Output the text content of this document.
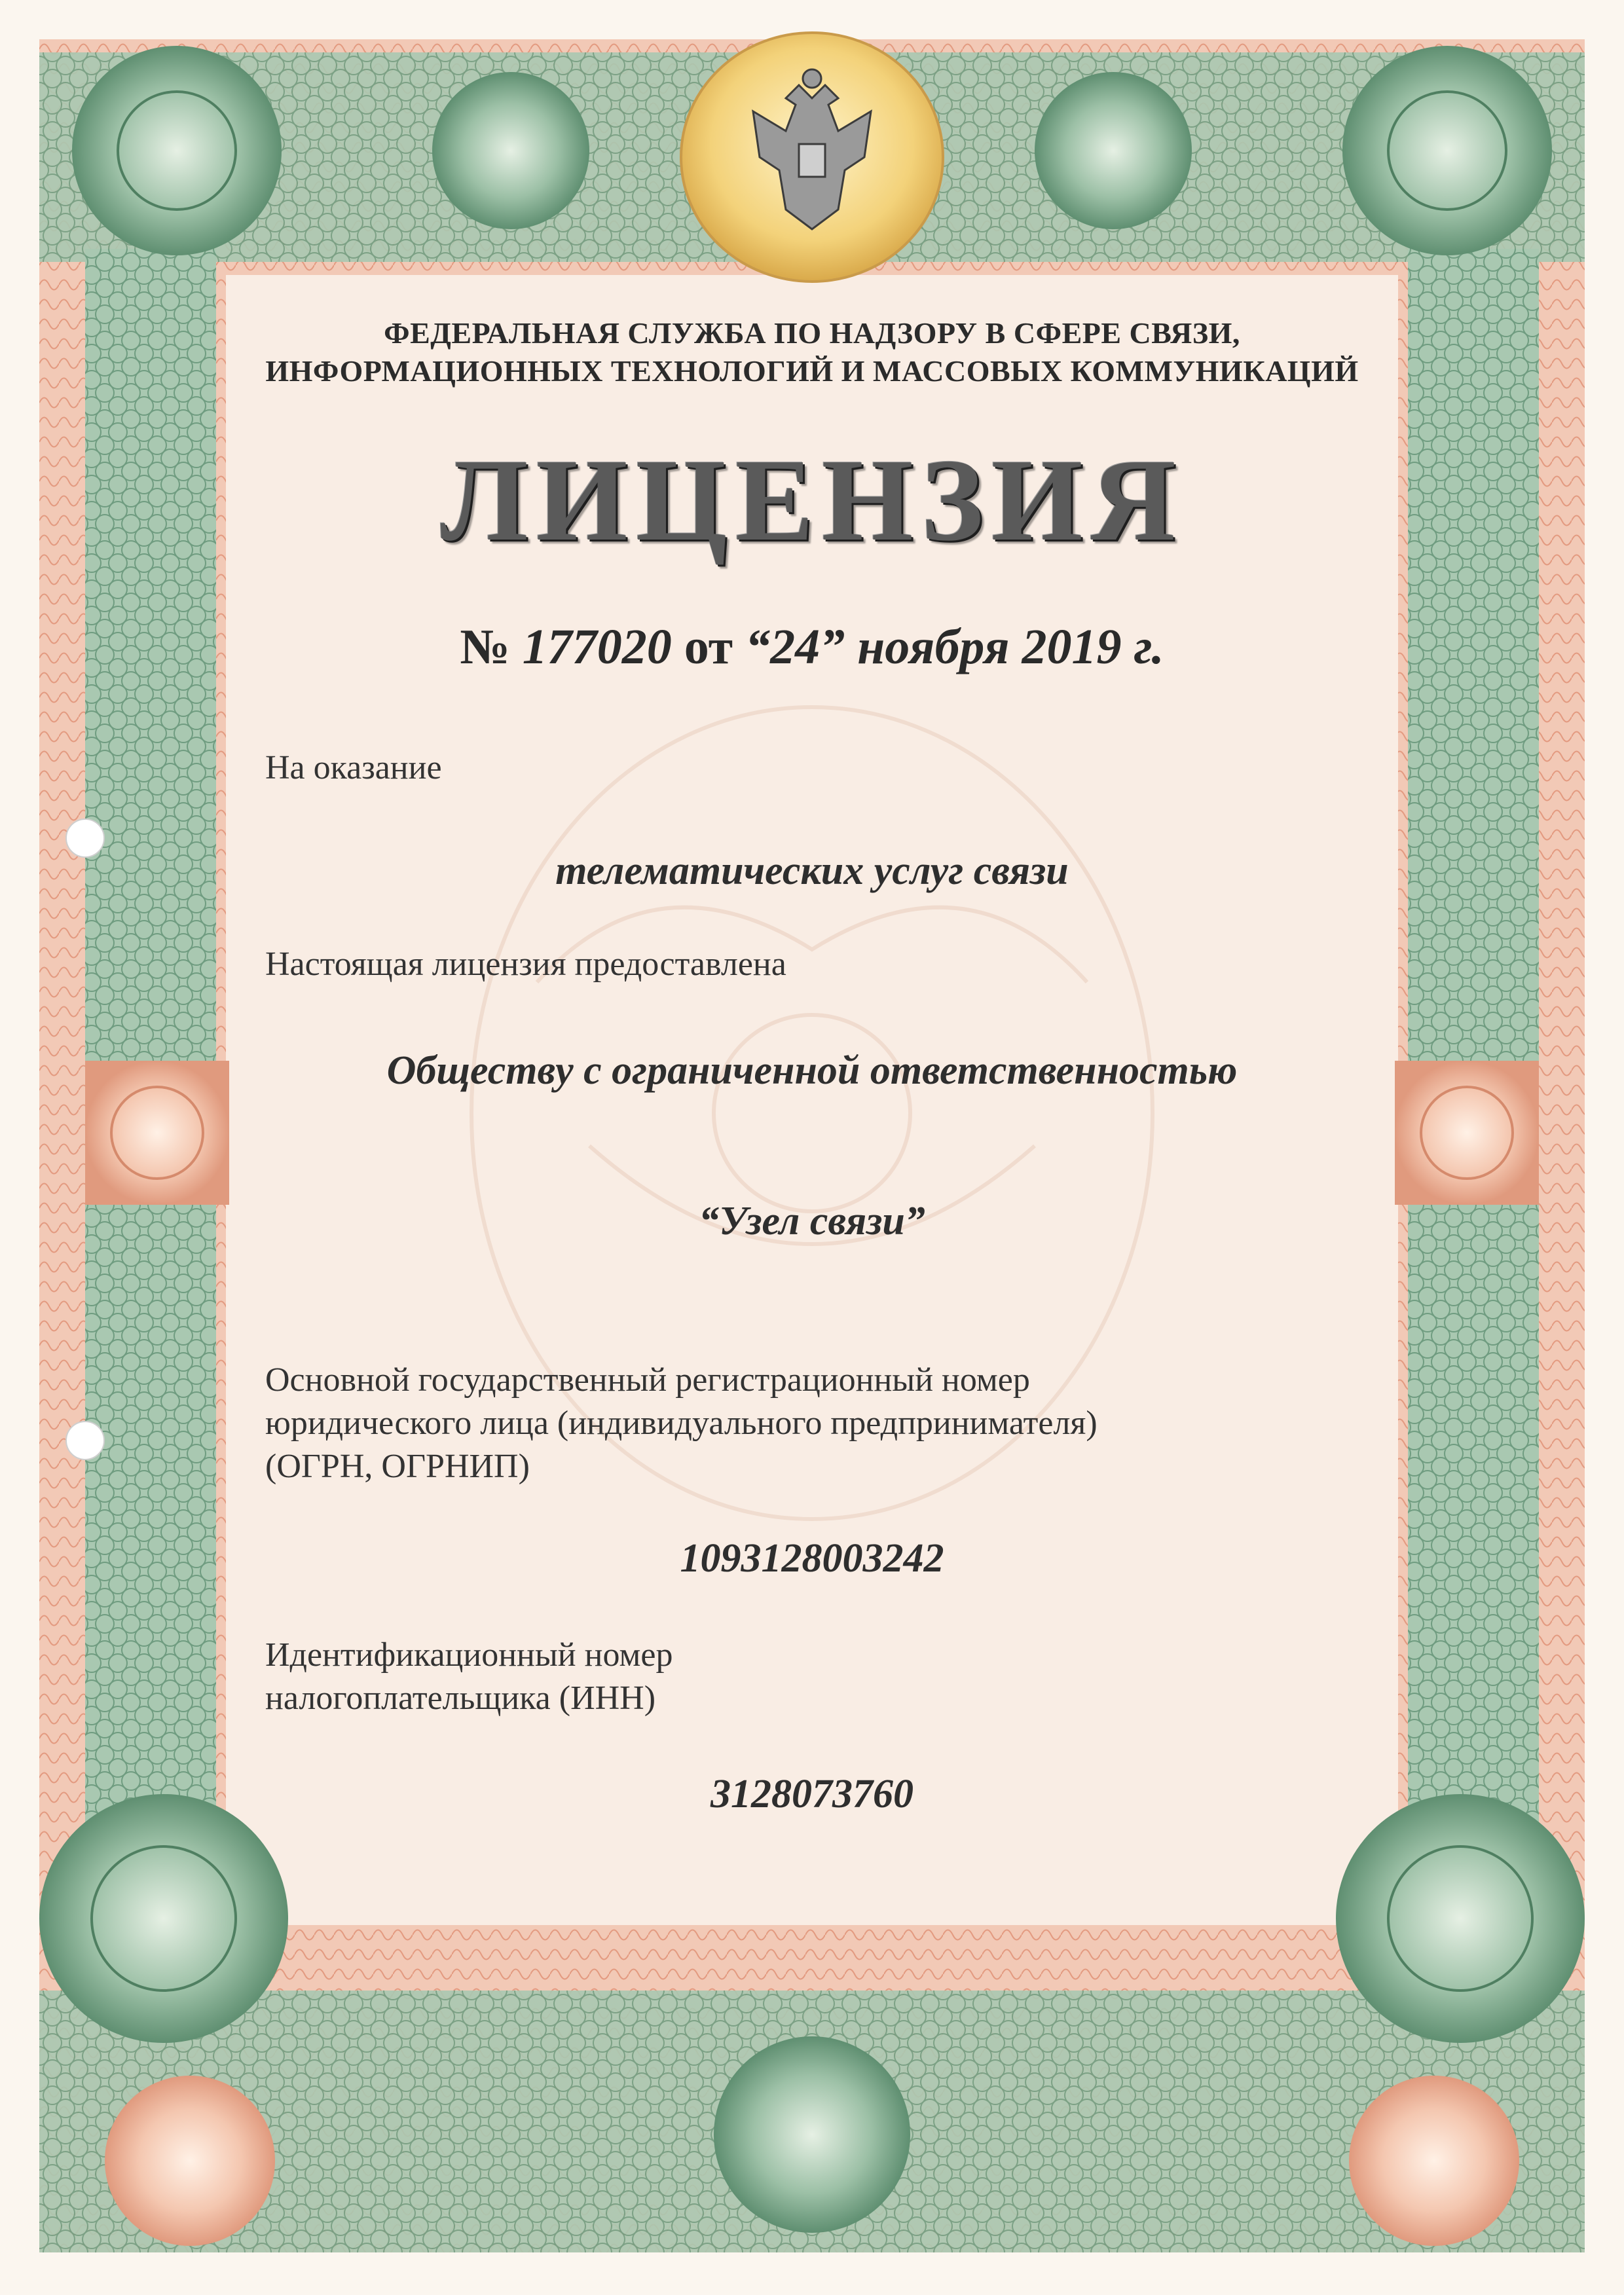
ФЕДЕРАЛЬНАЯ СЛУЖБА ПО НАДЗОРУ В СФЕРЕ СВЯЗИ,
ИНФОРМАЦИОННЫХ ТЕХНОЛОГИЙ И МАССОВЫХ КОММУНИКАЦИЙ
ЛИЦЕНЗИЯ
№ 177020 от “24” ноября 2019 г.
На оказание
телематических услуг связи
Настоящая лицензия предоставлена
Обществу с ограниченной ответственностью
“Узел связи”
Основной государственный регистрационный номер
юридического лица (индивидуального предпринимателя)
(ОГРН, ОГРНИП)
1093128003242
Идентификационный номер
налогоплательщика (ИНН)
3128073760
